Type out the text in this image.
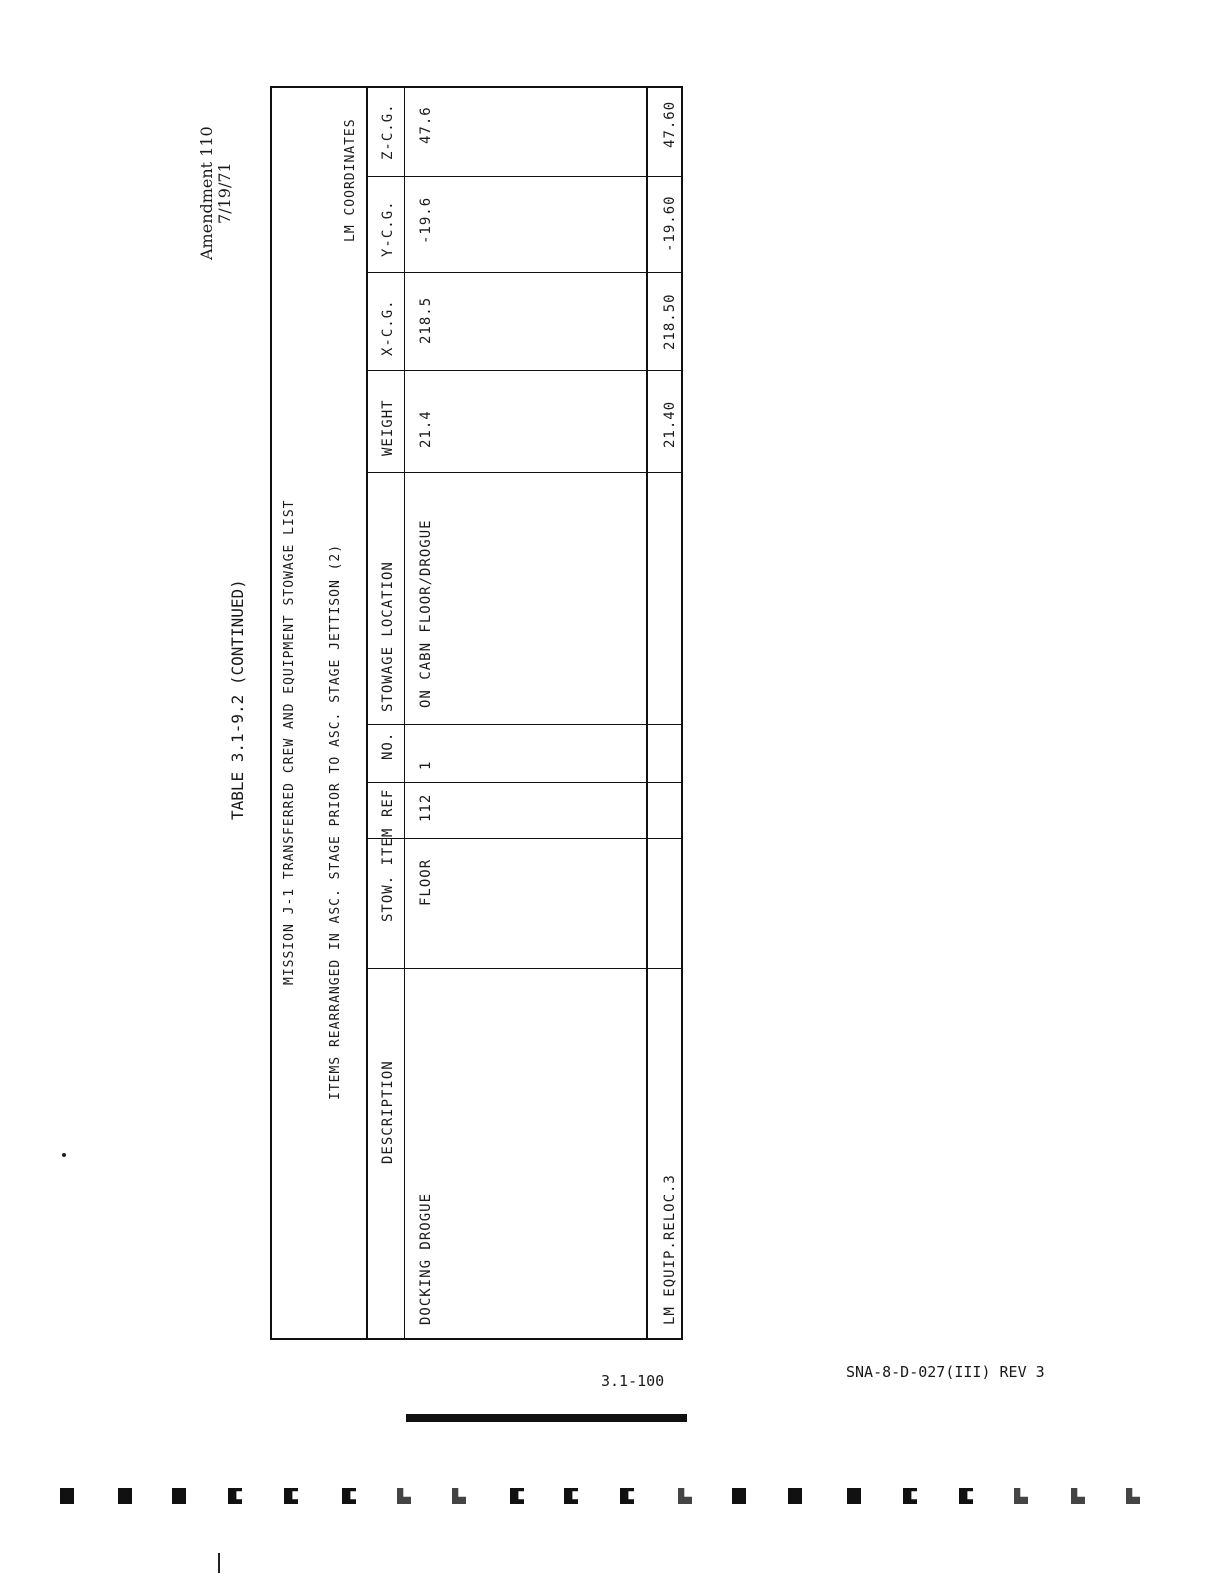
Amendment 110 7/19/71
TABLE 3.1-9.2 (CONTINUED)	MISSION J-1 TRANSFERRED CREW AND EQUIPMENT STOWAGE LIST ITEMS REARRANGED IN ASC. STAGE PRIOR TO ASC. STAGE JETTISON (2)
LM COORDINATES
DESCRIPTION
STOW. ITEM
REF
NO.
STOWAGE LOCATION
WEIGHT
X-C.G.
Y-C.G.
Z-C.G.
DOCKING DROGUE
FLOOR
112
1
ON CABN FLOOR/DROGUE
21.4
218.5
-19.6
47.6
LM EQUIP.RELOC.3
21.40
218.50
-19.60
47.60
3.1-100	SNA-8-D-027(III) REV 3
